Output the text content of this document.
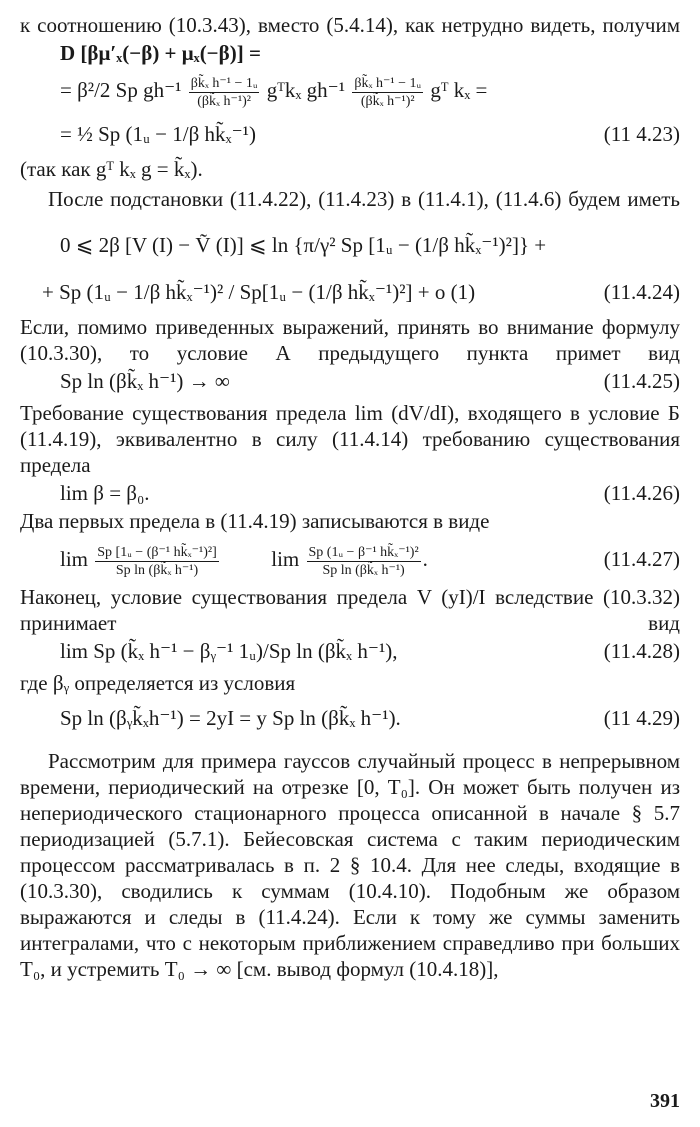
к соотношению (10.3.43), вместо (5.4.14), как нетрудно видеть, получим

D [βμ′ₓ(−β) + μₓ(−β)] =
= β²/2 Sp $gh^{-1} \frac{\text{βk̃ₓ h⁻¹ − 1ᵤ}}{\text{(βk̃ₓ h⁻¹)²}}$ gᵀkₓ $gh^{-1} \frac{\text{βk̃ₓ h⁻¹ − 1ᵤ}}{\text{(βk̃ₓ h⁻¹)²}}$ gᵀ kₓ =
= ½ Sp (1ᵤ − 1/β hk̃ₓ⁻¹)	(11 4.23)

(так как gᵀ kₓ g = k̃ₓ).

После подстановки (11.4.22), (11.4.23) в (11.4.1), (11.4.6) будем иметь

0 ⩽ 2β [V (I) − Ṽ (I)] ⩽ ln {π/γ² Sp [1ᵤ − (1/β hk̃ₓ⁻¹)²]} +
+ Sp (1ᵤ − 1/β hk̃ₓ⁻¹)² / Sp[1ᵤ − (1/β hk̃ₓ⁻¹)²] + o (1)	(11.4.24)

Если, помимо приведенных выражений, принять во внимание формулу (10.3.30), то условие А предыдущего пункта примет вид

Sp ln (βk̃ₓ h⁻¹) → ∞	(11.4.25)

Требование существования предела lim (dV/dI), входящего в условие Б (11.4.19), эквивалентно в силу (11.4.14) требованию существования предела

lim β = β₀.	(11.4.26)

Два первых предела в (11.4.19) записываются в виде

$\lim \frac{\text{Sp [1ᵤ − (β⁻¹ hk̃ₓ⁻¹)²]}}{\text{Sp ln (βk̃ₓ h⁻¹)}}$	$\lim \frac{\text{Sp (1ᵤ − β⁻¹ hk̃ₓ⁻¹)²}}{\text{Sp ln (βk̃ₓ h⁻¹)}}$ .	(11.4.27)

Наконец, условие существования предела V (yI)/I вследствие (10.3.32) принимает вид

lim Sp (k̃ₓ h⁻¹ − βᵧ⁻¹ 1ᵤ)/Sp ln (βk̃ₓ h⁻¹),	(11.4.28)

где βᵧ определяется из условия

Sp ln (βᵧk̃ₓh⁻¹) = 2yI = y Sp ln (βk̃ₓ h⁻¹).	(11 4.29)

Рассмотрим для примера гауссов случайный процесс в непрерывном времени, периодический на отрезке [0, T₀]. Он может быть получен из непериодического стационарного процесса описанной в начале § 5.7 периодизацией (5.7.1). Бейесовская система с таким периодическим процессом рассматривалась в п. 2 § 10.4. Для нее следы, входящие в (10.3.30), сводились к суммам (10.4.10). Подобным же образом выражаются и следы в (11.4.24). Если к тому же суммы заменить интегралами, что с некоторым приближением справедливо при больших T₀, и устремить T₀ → ∞ [см. вывод формул (10.4.18)],

391
